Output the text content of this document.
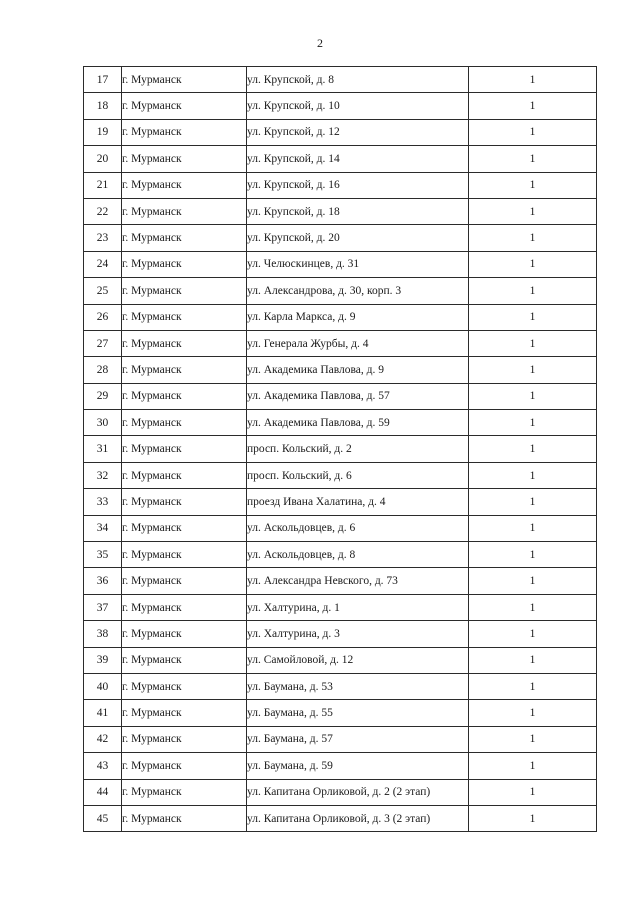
2
17	г. Мурманск	ул. Крупской, д. 8	1
18	г. Мурманск	ул. Крупской, д. 10	1
19	г. Мурманск	ул. Крупской, д. 12	1
20	г. Мурманск	ул. Крупской, д. 14	1
21	г. Мурманск	ул. Крупской, д. 16	1
22	г. Мурманск	ул. Крупской, д. 18	1
23	г. Мурманск	ул. Крупской, д. 20	1
24	г. Мурманск	ул. Челюскинцев, д. 31	1
25	г. Мурманск	ул. Александрова, д. 30, корп. 3	1
26	г. Мурманск	ул. Карла Маркса, д. 9	1
27	г. Мурманск	ул. Генерала Журбы, д. 4	1
28	г. Мурманск	ул. Академика Павлова, д. 9	1
29	г. Мурманск	ул. Академика Павлова, д. 57	1
30	г. Мурманск	ул. Академика Павлова, д. 59	1
31	г. Мурманск	просп. Кольский, д. 2	1
32	г. Мурманск	просп. Кольский, д. 6	1
33	г. Мурманск	проезд Ивана Халатина, д. 4	1
34	г. Мурманск	ул. Аскольдовцев, д. 6	1
35	г. Мурманск	ул. Аскольдовцев, д. 8	1
36	г. Мурманск	ул. Александра Невского, д. 73	1
37	г. Мурманск	ул. Халтурина, д. 1	1
38	г. Мурманск	ул. Халтурина, д. 3	1
39	г. Мурманск	ул. Самойловой, д. 12	1
40	г. Мурманск	ул. Баумана, д. 53	1
41	г. Мурманск	ул. Баумана, д. 55	1
42	г. Мурманск	ул. Баумана, д. 57	1
43	г. Мурманск	ул. Баумана, д. 59	1
44	г. Мурманск	ул. Капитана Орликовой, д. 2 (2 этап)	1
45	г. Мурманск	ул. Капитана Орликовой, д. 3 (2 этап)	1
